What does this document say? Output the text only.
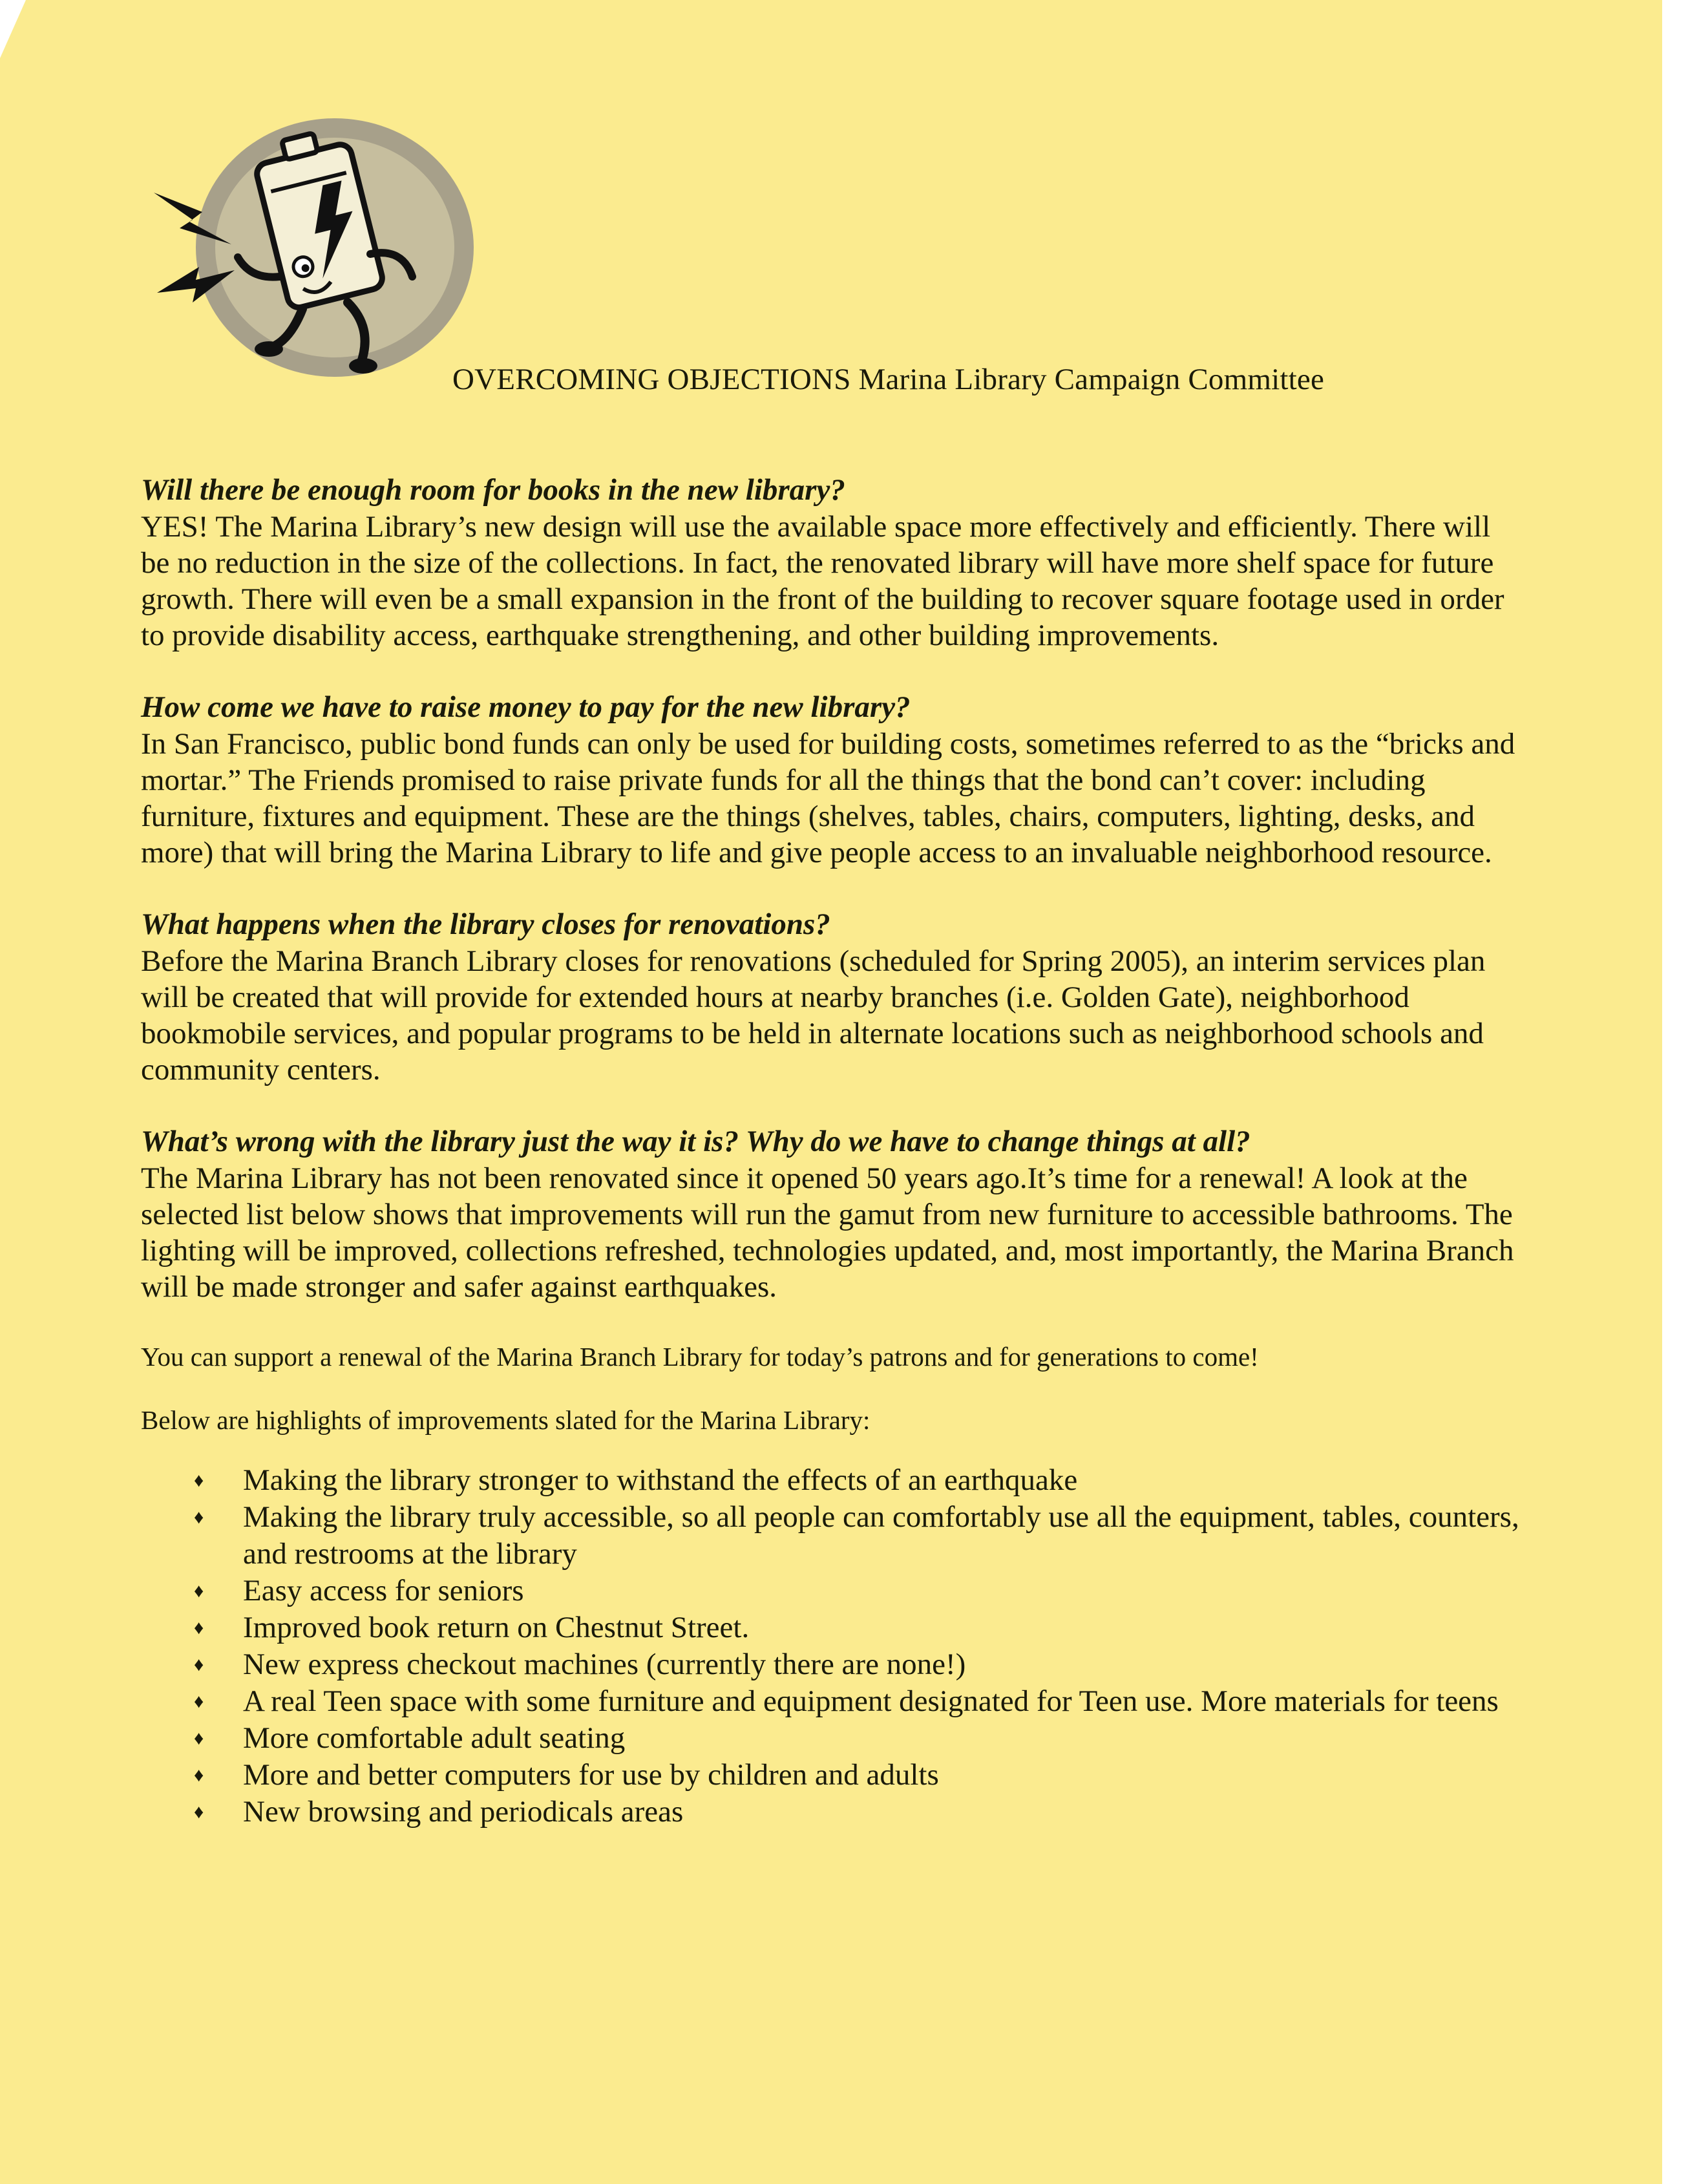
OVERCOMING OBJECTIONS Marina Library Campaign Committee

Will there be enough room for books in the new library?

YES! The Marina Library’s new design will use the available space more effectively and efficiently. There will be no reduction in the size of the collections. In fact, the renovated library will have more shelf space for future growth. There will even be a small expansion in the front of the building to recover square footage used in order to provide disability access, earthquake strengthening, and other building improvements.

How come we have to raise money to pay for the new library?

In San Francisco, public bond funds can only be used for building costs, sometimes referred to as the “bricks and mortar.” The Friends promised to raise private funds for all the things that the bond can’t cover: including furniture, fixtures and equipment. These are the things (shelves, tables, chairs, computers, lighting, desks, and more) that will bring the Marina Library to life and give people access to an invaluable neighborhood resource.

What happens when the library closes for renovations?

Before the Marina Branch Library closes for renovations (scheduled for Spring 2005), an interim services plan will be created that will provide for extended hours at nearby branches (i.e. Golden Gate), neighborhood bookmobile services, and popular programs to be held in alternate locations such as neighborhood schools and community centers.

What’s wrong with the library just the way it is? Why do we have to change things at all?

The Marina Library has not been renovated since it opened 50 years ago.It’s time for a renewal! A look at the selected list below shows that improvements will run the gamut from new furniture to accessible bathrooms. The lighting will be improved, collections refreshed, technologies updated, and, most importantly, the Marina Branch will be made stronger and safer against earthquakes.

You can support a renewal of the Marina Branch Library for today’s patrons and for generations to come!

Below are highlights of improvements slated for the Marina Library:

♦ Making the library stronger to withstand the effects of an earthquake
♦ Making the library truly accessible, so all people can comfortably use all the equipment, tables, counters, and restrooms at the library
♦ Easy access for seniors
♦ Improved book return on Chestnut Street.
♦ New express checkout machines (currently there are none!)
♦ A real Teen space with some furniture and equipment designated for Teen use. More materials for teens
♦ More comfortable adult seating
♦ More and better computers for use by children and adults
♦ New browsing and periodicals areas
